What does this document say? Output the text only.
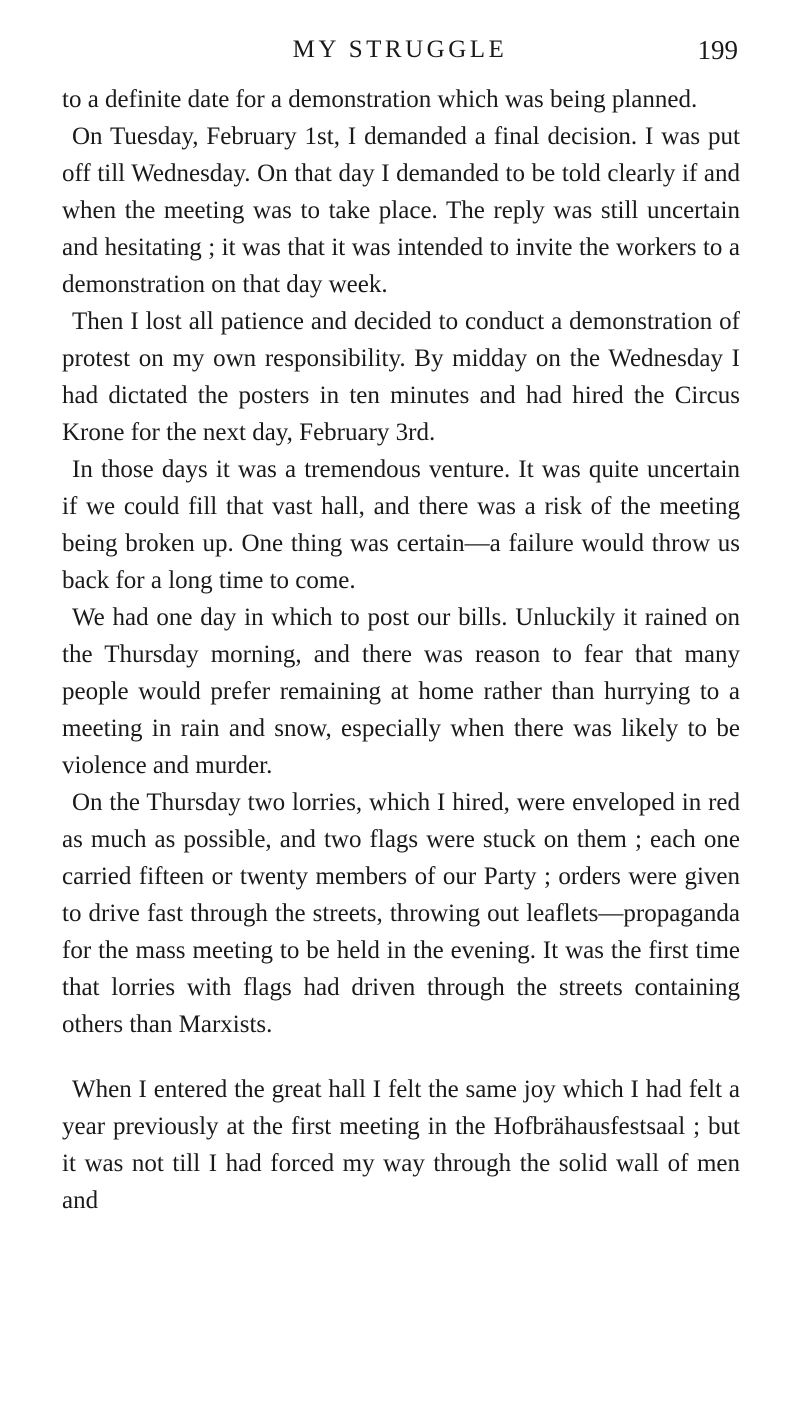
MY STRUGGLE	199

to a definite date for a demonstration which was being planned.

On Tuesday, February 1st, I demanded a final decision. I was put off till Wednesday. On that day I demanded to be told clearly if and when the meeting was to take place. The reply was still uncertain and hesitating ; it was that it was intended to invite the workers to a demonstration on that day week.

Then I lost all patience and decided to conduct a demonstration of protest on my own responsibility. By midday on the Wednesday I had dictated the posters in ten minutes and had hired the Circus Krone for the next day, February 3rd.

In those days it was a tremendous venture. It was quite uncertain if we could fill that vast hall, and there was a risk of the meeting being broken up. One thing was certain—a failure would throw us back for a long time to come.

We had one day in which to post our bills. Unluckily it rained on the Thursday morning, and there was reason to fear that many people would prefer remaining at home rather than hurrying to a meeting in rain and snow, especially when there was likely to be violence and murder.

On the Thursday two lorries, which I hired, were enveloped in red as much as possible, and two flags were stuck on them ; each one carried fifteen or twenty members of our Party ; orders were given to drive fast through the streets, throwing out leaflets—propaganda for the mass meeting to be held in the evening. It was the first time that lorries with flags had driven through the streets containing others than Marxists.

When I entered the great hall I felt the same joy which I had felt a year previously at the first meeting in the Hofbrähausfestsaal ; but it was not till I had forced my way through the solid wall of men and
